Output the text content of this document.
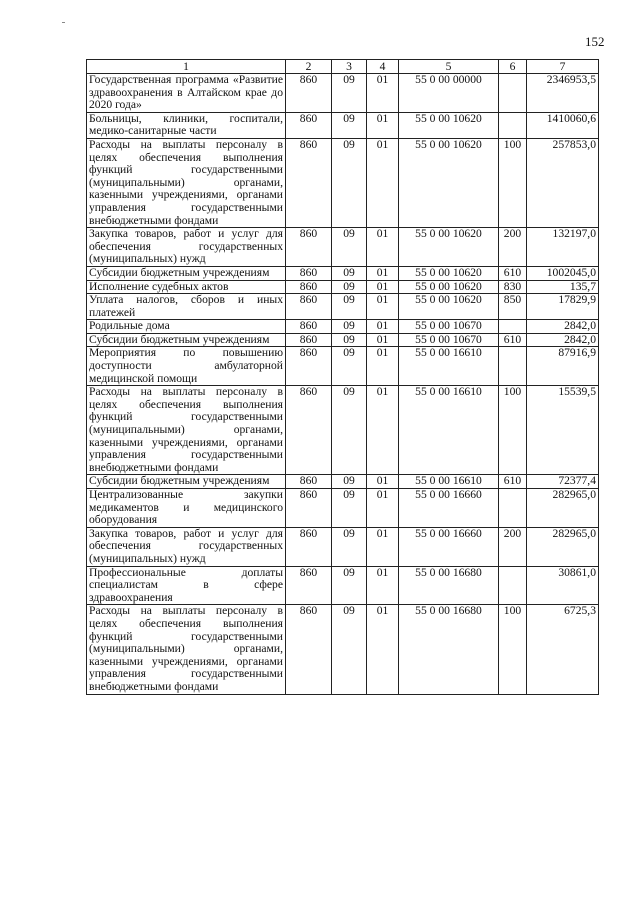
152
1	2	3	4	5	6	7
Государственная программа «Развитие здравоохранения в Алтайском крае до 2020 года»	860	09	01	55 0 00 00000		2346953,5
Больницы, клиники, госпитали, медико-санитарные части	860	09	01	55 0 00 10620		1410060,6
Расходы на выплаты персоналу в целях обеспечения выполнения функций государственными (муниципальными) органами, казенными учреждениями, органами управления государственными внебюджетными фондами	860	09	01	55 0 00 10620	100	257853,0
Закупка товаров, работ и услуг для обеспечения государственных (муниципальных) нужд	860	09	01	55 0 00 10620	200	132197,0
Субсидии бюджетным учреждениям	860	09	01	55 0 00 10620	610	1002045,0
Исполнение судебных актов	860	09	01	55 0 00 10620	830	135,7
Уплата налогов, сборов и иных платежей	860	09	01	55 0 00 10620	850	17829,9
Родильные дома	860	09	01	55 0 00 10670		2842,0
Субсидии бюджетным учреждениям	860	09	01	55 0 00 10670	610	2842,0
Мероприятия по повышению доступности амбулаторной медицинской помощи	860	09	01	55 0 00 16610		87916,9
Расходы на выплаты персоналу в целях обеспечения выполнения функций государственными (муниципальными) органами, казенными учреждениями, органами управления государственными внебюджетными фондами	860	09	01	55 0 00 16610	100	15539,5
Субсидии бюджетным учреждениям	860	09	01	55 0 00 16610	610	72377,4
Централизованные закупки медикаментов и медицинского оборудования	860	09	01	55 0 00 16660		282965,0
Закупка товаров, работ и услуг для обеспечения государственных (муниципальных) нужд	860	09	01	55 0 00 16660	200	282965,0
Профессиональные доплаты специалистам в сфере здравоохранения	860	09	01	55 0 00 16680		30861,0
Расходы на выплаты персоналу в целях обеспечения выполнения функций государственными (муниципальными) органами, казенными учреждениями, органами управления государственными внебюджетными фондами	860	09	01	55 0 00 16680	100	6725,3
